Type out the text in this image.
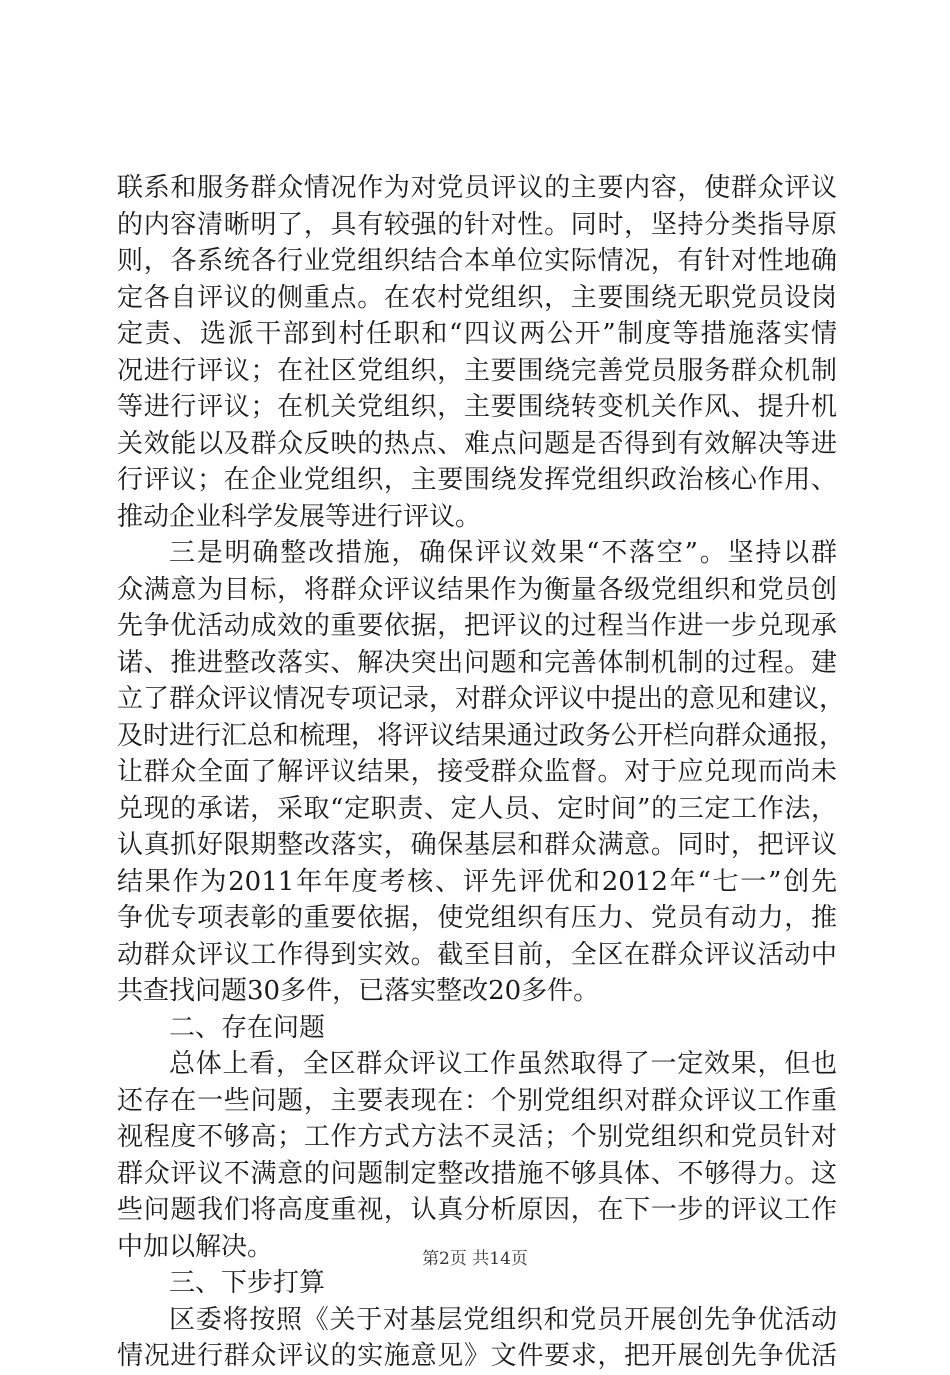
联系和服务群众情况作为对党员评议的主要内容，使群众评议
的内容清晰明了，具有较强的针对性。同时，坚持分类指导原
则，各系统各行业党组织结合本单位实际情况，有针对性地确
定各自评议的侧重点。在农村党组织，主要围绕无职党员设岗
定责、选派干部到村任职和“四议两公开”制度等措施落实情
况进行评议；在社区党组织，主要围绕完善党员服务群众机制
等进行评议；在机关党组织，主要围绕转变机关作风、提升机
关效能以及群众反映的热点、难点问题是否得到有效解决等进
行评议；在企业党组织，主要围绕发挥党组织政治核心作用、
推动企业科学发展等进行评议。
三是明确整改措施，确保评议效果“不落空”。坚持以群
众满意为目标，将群众评议结果作为衡量各级党组织和党员创
先争优活动成效的重要依据，把评议的过程当作进一步兑现承
诺、推进整改落实、解决突出问题和完善体制机制的过程。建
立了群众评议情况专项记录，对群众评议中提出的意见和建议，
及时进行汇总和梳理，将评议结果通过政务公开栏向群众通报，
让群众全面了解评议结果，接受群众监督。对于应兑现而尚未
兑现的承诺，采取“定职责、定人员、定时间”的三定工作法，
认真抓好限期整改落实，确保基层和群众满意。同时，把评议
结果作为2011年年度考核、评先评优和2012年“七一”创先
争优专项表彰的重要依据，使党组织有压力、党员有动力，推
动群众评议工作得到实效。截至目前，全区在群众评议活动中
共查找问题30多件，已落实整改20多件。
二、存在问题
总体上看，全区群众评议工作虽然取得了一定效果，但也
还存在一些问题，主要表现在：个别党组织对群众评议工作重
视程度不够高；工作方式方法不灵活；个别党组织和党员针对
群众评议不满意的问题制定整改措施不够具体、不够得力。这
些问题我们将高度重视，认真分析原因，在下一步的评议工作
中加以解决。
三、下步打算
区委将按照《关于对基层党组织和党员开展创先争优活动
情况进行群众评议的实施意见》文件要求，把开展创先争优活
第2页 共14页
